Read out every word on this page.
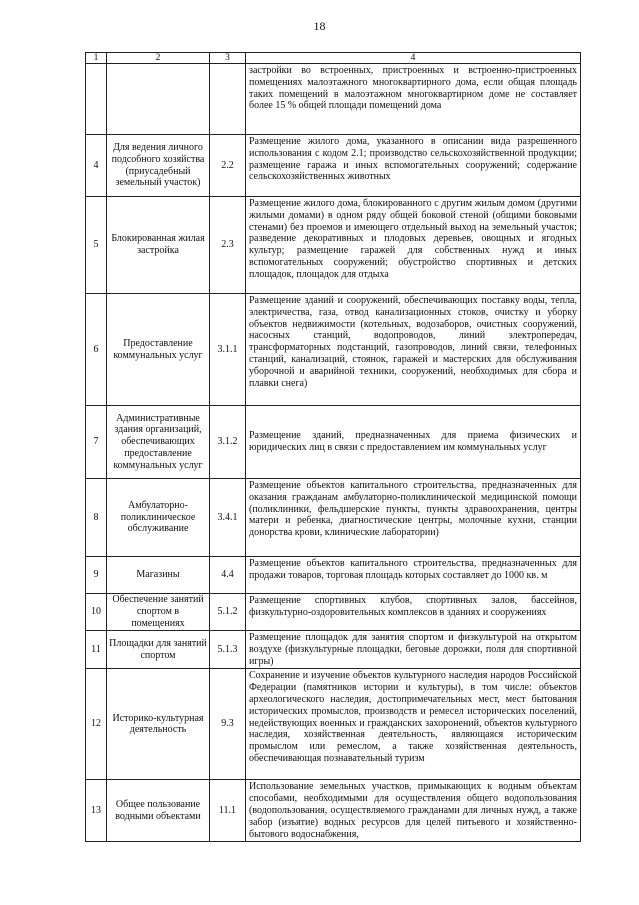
18
1	2	3	4
			застройки во встроенных, пристроенных и встроенно-пристроенных помещениях малоэтажного многоквартирного дома, если общая площадь таких помещений в малоэтажном многоквартирном доме не составляет более 15 % общей площади помещений дома
4	Для ведения личного подсобного хозяйства (приусадебный земельный участок)	2.2	Размещение жилого дома, указанного в описании вида разрешенного использования с кодом 2.1; производство сельскохозяйственной продукции; размещение гаража и иных вспомогательных сооружений; содержание сельскохозяйственных животных
5	Блокированная жилая застройка	2.3	Размещение жилого дома, блокированного с другим жилым домом (другими жилыми домами) в одном ряду общей боковой стеной (общими боковыми стенами) без проемов и имеющего отдельный выход на земельный участок; разведение декоративных и плодовых деревьев, овощных и ягодных культур; размещение гаражей для собственных нужд и иных вспомогательных сооружений; обустройство спортивных и детских площадок, площадок для отдыха
6	Предоставление коммунальных услуг	3.1.1	Размещение зданий и сооружений, обеспечивающих поставку воды, тепла, электричества, газа, отвод канализационных стоков, очистку и уборку объектов недвижимости (котельных, водозаборов, очистных сооружений, насосных станций, водопроводов, линий электропередач, трансформаторных подстанций, газопроводов, линий связи, телефонных станций, канализаций, стоянок, гаражей и мастерских для обслуживания уборочной и аварийной техники, сооружений, необходимых для сбора и плавки снега)
7	Административные здания организаций, обеспечивающих предоставление коммунальных услуг	3.1.2	Размещение зданий, предназначенных для приема физических и юридических лиц в связи с предоставлением им коммунальных услуг
8	Амбулаторно-поликлиническое обслуживание	3.4.1	Размещение объектов капитального строительства, предназначенных для оказания гражданам амбулаторно-поликлинической медицинской помощи (поликлиники, фельдшерские пункты, пункты здравоохранения, центры матери и ребенка, диагностические центры, молочные кухни, станции донорства крови, клинические лаборатории)
9	Магазины	4.4	Размещение объектов капитального строительства, предназначенных для продажи товаров, торговая площадь которых составляет до 1000 кв. м
10	Обеспечение занятий спортом в помещениях	5.1.2	Размещение спортивных клубов, спортивных залов, бассейнов, физкультурно-оздоровительных комплексов в зданиях и сооружениях
11	Площадки для занятий спортом	5.1.3	Размещение площадок для занятия спортом и физкультурой на открытом воздухе (физкультурные площадки, беговые дорожки, поля для спортивной игры)
12	Историко-культурная деятельность	9.3	Сохранение и изучение объектов культурного наследия народов Российской Федерации (памятников истории и культуры), в том числе: объектов археологического наследия, достопримечательных мест, мест бытования исторических промыслов, производств и ремесел исторических поселений, недействующих военных и гражданских захоронений, объектов культурного наследия, хозяйственная деятельность, являющаяся историческим промыслом или ремеслом, а также хозяйственная деятельность, обеспечивающая познавательный туризм
13	Общее пользование водными объектами	11.1	Использование земельных участков, примыкающих к водным объектам способами, необходимыми для осуществления общего водопользования (водопользования, осуществляемого гражданами для личных нужд, а также забор (изъятие) водных ресурсов для целей питьевого и хозяйственно-бытового водоснабжения,
